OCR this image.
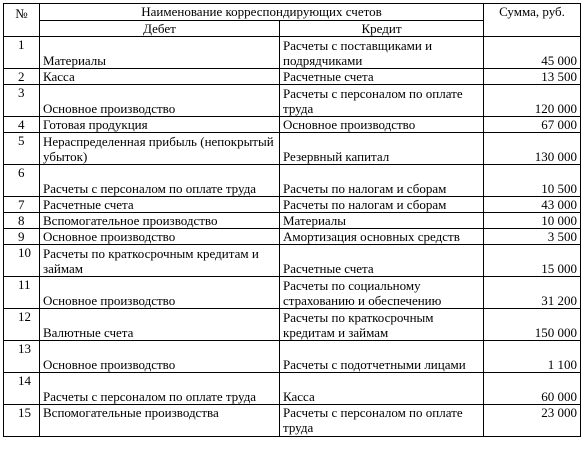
№	Наименование корреспондирующих счетов		Сумма, руб.
	Дебет	Кредит	
1	Материалы	Расчеты с поставщиками и подрядчиками	45 000
2	Касса	Расчетные счета	13 500
3	Основное производство	Расчеты с персоналом по оплате труда	120 000
4	Готовая продукция	Основное производство	67 000
5	Нераспределенная прибыль (непокрытый убыток)	Резервный капитал	130 000
6	Расчеты с персоналом по оплате труда	Расчеты по налогам и сборам	10 500
7	Расчетные счета	Расчеты по налогам и сборам	43 000
8	Вспомогательное производство	Материалы	10 000
9	Основное производство	Амортизация основных средств	3 500
10	Расчеты по краткосрочным кредитам и займам	Расчетные счета	15 000
11	Основное производство	Расчеты по социальному страхованию и обеспечению	31 200
12	Валютные счета	Расчеты по краткосрочным кредитам и займам	150 000
13	Основное производство	Расчеты с подотчетными лицами	1 100
14	Расчеты с персоналом по оплате труда	Касса	60 000
15	Вспомогательные производства	Расчеты с персоналом по оплате труда	23 000
